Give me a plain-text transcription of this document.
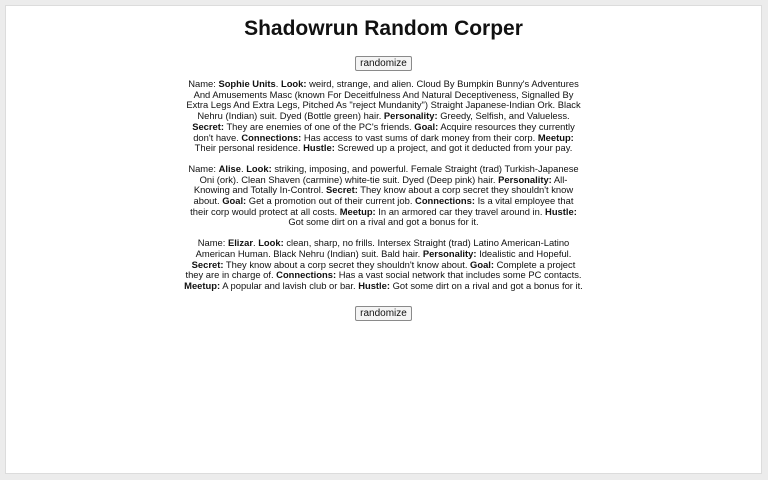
Shadowrun Random Corper
randomize

Name: Sophie Units. Look: weird, strange, and alien. Cloud By Bumpkin Bunny's Adventures And Amusements Masc (known For Deceitfulness And Natural Deceptiveness, Signalled By Extra Legs And Extra Legs, Pitched As "reject Mundanity") Straight Japanese-Indian Ork. Black Nehru (Indian) suit. Dyed (Bottle green) hair. Personality: Greedy, Selfish, and Valueless. Secret: They are enemies of one of the PC's friends. Goal: Acquire resources they currently don't have. Connections: Has access to vast sums of dark money from their corp. Meetup: Their personal residence. Hustle: Screwed up a project, and got it deducted from your pay.

Name: Alise. Look: striking, imposing, and powerful. Female Straight (trad) Turkish-Japanese Oni (ork). Clean Shaven (carmine) white-tie suit. Dyed (Deep pink) hair. Personality: All-Knowing and Totally In-Control. Secret: They know about a corp secret they shouldn't know about. Goal: Get a promotion out of their current job. Connections: Is a vital employee that their corp would protect at all costs. Meetup: In an armored car they travel around in. Hustle: Got some dirt on a rival and got a bonus for it.

Name: Elizar. Look: clean, sharp, no frills. Intersex Straight (trad) Latino American-Latino American Human. Black Nehru (Indian) suit. Bald hair. Personality: Idealistic and Hopeful. Secret: They know about a corp secret they shouldn't know about. Goal: Complete a project they are in charge of. Connections: Has a vast social network that includes some PC contacts. Meetup: A popular and lavish club or bar. Hustle: Got some dirt on a rival and got a bonus for it.

randomize
